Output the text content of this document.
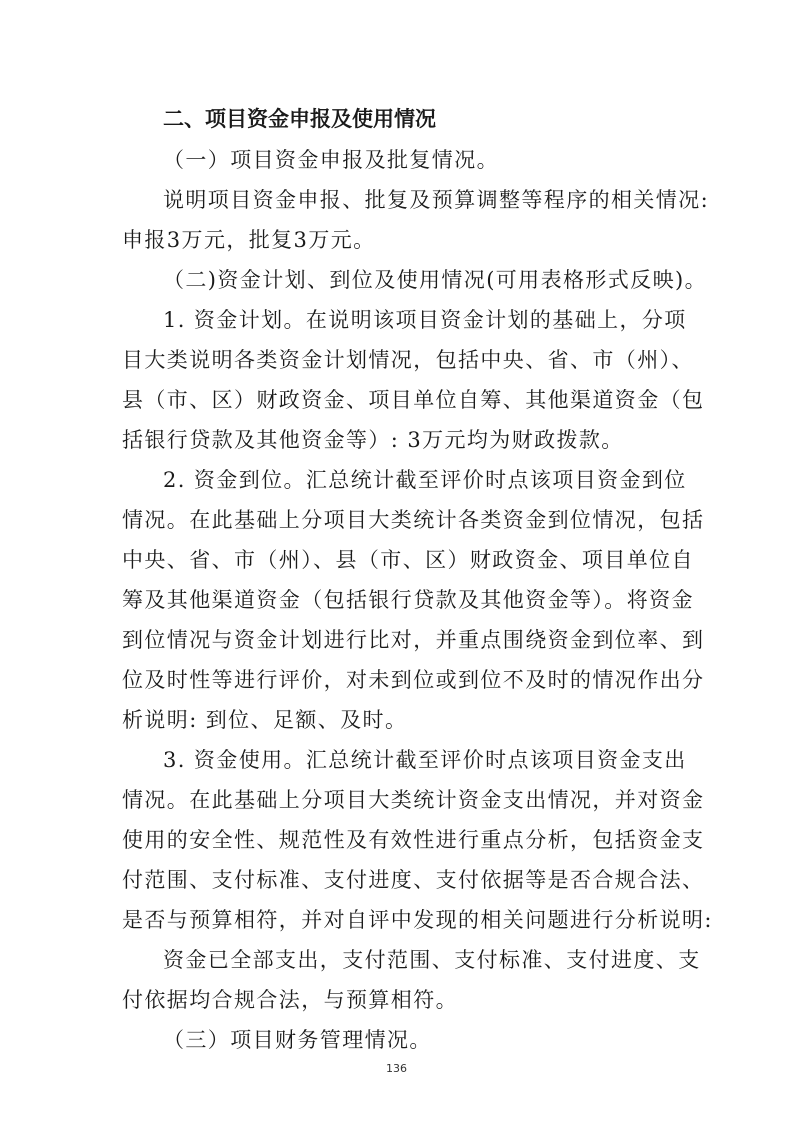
二、项目资金申报及使用情况
（一）项目资金申报及批复情况。
说明项目资金申报、批复及预算调整等程序的相关情况:
申报3万元，批复3万元。
（二)资金计划、到位及使用情况(可用表格形式反映)。
1. 资金计划。在说明该项目资金计划的基础上，分项
目大类说明各类资金计划情况，包括中央、省、市（州）、
县（市、区）财政资金、项目单位自筹、其他渠道资金（包
括银行贷款及其他资金等）: 3万元均为财政拨款。
2. 资金到位。汇总统计截至评价时点该项目资金到位
情况。在此基础上分项目大类统计各类资金到位情况，包括
中央、省、市（州）、县（市、区）财政资金、项目单位自
筹及其他渠道资金（包括银行贷款及其他资金等）。将资金
到位情况与资金计划进行比对，并重点围绕资金到位率、到
位及时性等进行评价，对未到位或到位不及时的情况作出分
析说明: 到位、足额、及时。
3. 资金使用。汇总统计截至评价时点该项目资金支出
情况。在此基础上分项目大类统计资金支出情况，并对资金
使用的安全性、规范性及有效性进行重点分析，包括资金支
付范围、支付标准、支付进度、支付依据等是否合规合法、
是否与预算相符，并对自评中发现的相关问题进行分析说明:
资金已全部支出，支付范围、支付标准、支付进度、支
付依据均合规合法，与预算相符。
（三）项目财务管理情况。
136
